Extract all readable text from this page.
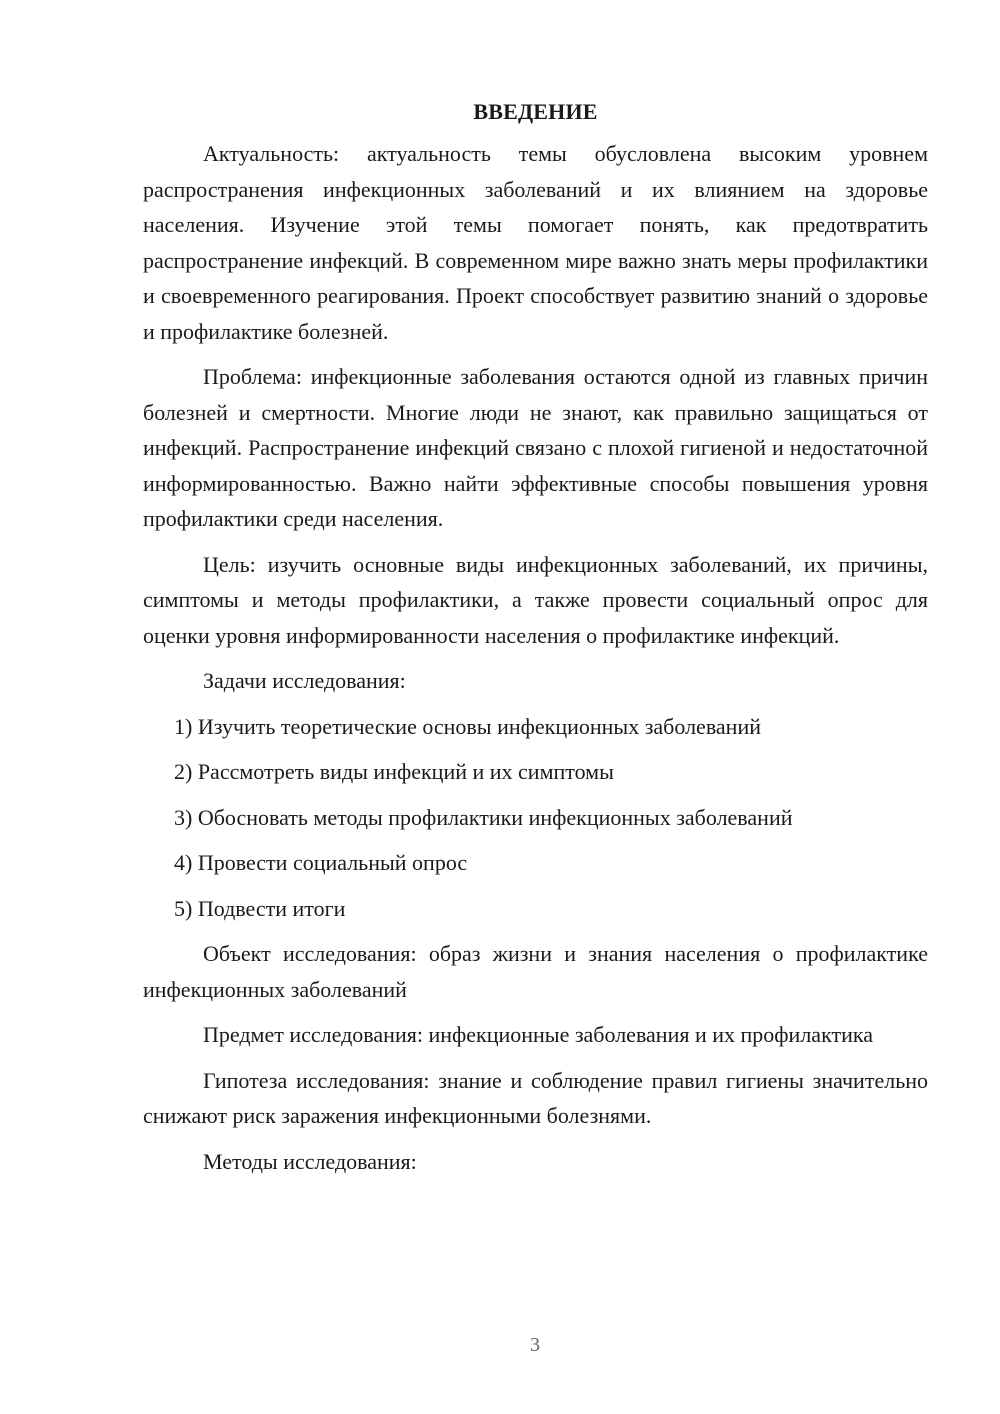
ВВЕДЕНИЕ

Актуальность: актуальность темы обусловлена высоким уровнем распространения инфекционных заболеваний и их влиянием на здоровье населения. Изучение этой темы помогает понять, как предотвратить распространение инфекций. В современном мире важно знать меры профилактики и своевременного реагирования. Проект способствует развитию знаний о здоровье и профилактике болезней.

Проблема: инфекционные заболевания остаются одной из главных причин болезней и смертности. Многие люди не знают, как правильно защищаться от инфекций. Распространение инфекций связано с плохой гигиеной и недостаточной информированностью. Важно найти эффективные способы повышения уровня профилактики среди населения.

Цель: изучить основные виды инфекционных заболеваний, их причины, симптомы и методы профилактики, а также провести социальный опрос для оценки уровня информированности населения о профилактике инфекций.

Задачи исследования:

1) Изучить теоретические основы инфекционных заболеваний

2) Рассмотреть виды инфекций и их симптомы

3) Обосновать методы профилактики инфекционных заболеваний

4) Провести социальный опрос

5) Подвести итоги

Объект исследования: образ жизни и знания населения о профилактике инфекционных заболеваний

Предмет исследования: инфекционные заболевания и их профилактика

Гипотеза исследования: знание и соблюдение правил гигиены значительно снижают риск заражения инфекционными болезнями.

Методы исследования:

3
